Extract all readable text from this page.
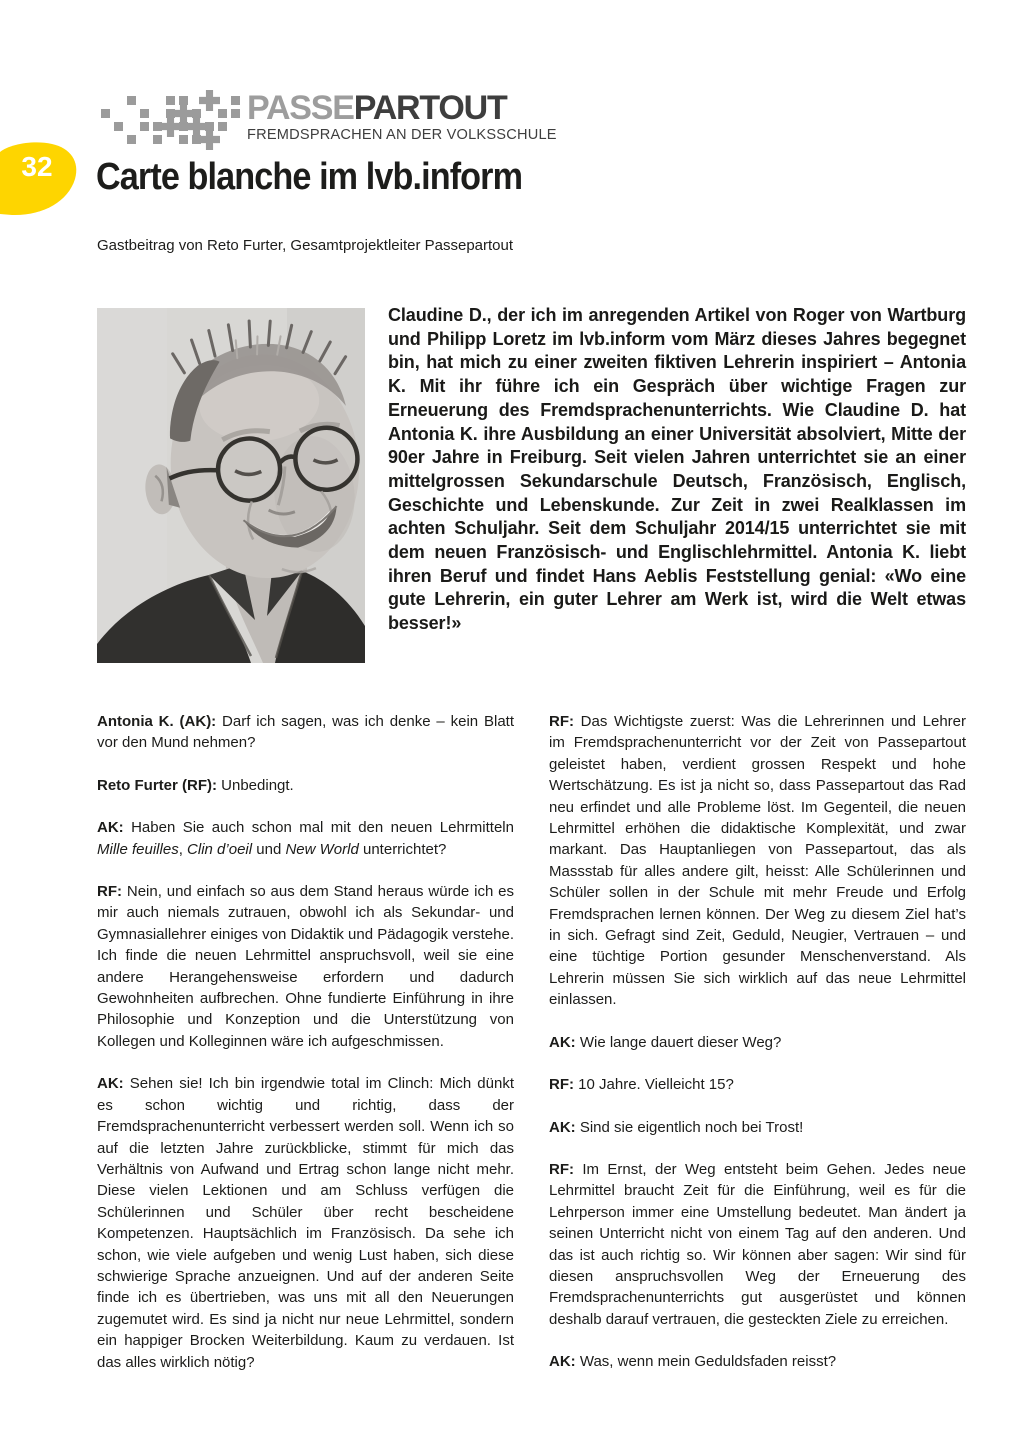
32
PASSEPARTOUT
FREMDSPRACHEN AN DER VOLKSSCHULE
Carte blanche im lvb.inform
Gastbeitrag von Reto Furter, Gesamtprojektleiter Passepartout
Claudine D., der ich im anregenden Artikel von Roger von Wartburg und Philipp Loretz im lvb.inform vom März dieses Jahres begegnet bin, hat mich zu einer zweiten fiktiven Lehrerin inspiriert – Antonia K. Mit ihr führe ich ein Gespräch über wichtige Fragen zur Erneuerung des Fremdsprachenunterrichts. Wie Claudine D. hat Antonia K. ihre Ausbildung an einer Universität absolviert, Mitte der 90er Jahre in Freiburg. Seit vielen Jahren unterrichtet sie an einer mittelgrossen Sekundarschule Deutsch, Französisch, Englisch, Geschichte und Lebenskunde. Zur Zeit in zwei Realklassen im achten Schuljahr. Seit dem Schuljahr 2014/15 unterrichtet sie mit dem neuen Französisch- und Englischlehrmittel. Antonia K. liebt ihren Beruf und findet Hans Aeblis Feststellung genial: «Wo eine gute Lehrerin, ein guter Lehrer am Werk ist, wird die Welt etwas besser!»

Antonia K. (AK): Darf ich sagen, was ich denke – kein Blatt vor den Mund nehmen?

Reto Furter (RF): Unbedingt.

AK: Haben Sie auch schon mal mit den neuen Lehrmitteln Mille feuilles, Clin d’oeil und New World unterrichtet?

RF: Nein, und einfach so aus dem Stand heraus würde ich es mir auch niemals zutrauen, obwohl ich als Sekundar- und Gymnasiallehrer einiges von Didaktik und Pädagogik verstehe. Ich finde die neuen Lehrmittel anspruchsvoll, weil sie eine andere Herangehensweise erfordern und dadurch Gewohnheiten aufbrechen. Ohne fundierte Einführung in ihre Philosophie und Konzeption und die Unterstützung von Kollegen und Kolleginnen wäre ich aufgeschmissen.

AK: Sehen sie! Ich bin irgendwie total im Clinch: Mich dünkt es schon wichtig und richtig, dass der Fremdsprachenunterricht verbessert werden soll. Wenn ich so auf die letzten Jahre zurückblicke, stimmt für mich das Verhältnis von Aufwand und Ertrag schon lange nicht mehr. Diese vielen Lektionen und am Schluss verfügen die Schülerinnen und Schüler über recht bescheidene Kompetenzen. Hauptsächlich im Französisch. Da sehe ich schon, wie viele aufgeben und wenig Lust haben, sich diese schwierige Sprache anzueignen. Und auf der anderen Seite finde ich es übertrieben, was uns mit all den Neuerungen zugemutet wird. Es sind ja nicht nur neue Lehrmittel, sondern ein happiger Brocken Weiterbildung. Kaum zu verdauen. Ist das alles wirklich nötig?

RF: Das Wichtigste zuerst: Was die Lehrerinnen und Lehrer im Fremdsprachenunterricht vor der Zeit von Passepartout geleistet haben, verdient grossen Respekt und hohe Wertschätzung. Es ist ja nicht so, dass Passepartout das Rad neu erfindet und alle Probleme löst. Im Gegenteil, die neuen Lehrmittel erhöhen die didaktische Komplexität, und zwar markant. Das Hauptanliegen von Passepartout, das als Massstab für alles andere gilt, heisst: Alle Schülerinnen und Schüler sollen in der Schule mit mehr Freude und Erfolg Fremdsprachen lernen können. Der Weg zu diesem Ziel hat’s in sich. Gefragt sind Zeit, Geduld, Neugier, Vertrauen – und eine tüchtige Portion gesunder Menschenverstand. Als Lehrerin müssen Sie sich wirklich auf das neue Lehrmittel einlassen.

AK: Wie lange dauert dieser Weg?

RF: 10 Jahre. Vielleicht 15?

AK: Sind sie eigentlich noch bei Trost!

RF: Im Ernst, der Weg entsteht beim Gehen. Jedes neue Lehrmittel braucht Zeit für die Einführung, weil es für die Lehrperson immer eine Umstellung bedeutet. Man ändert ja seinen Unterricht nicht von einem Tag auf den anderen. Und das ist auch richtig so. Wir können aber sagen: Wir sind für diesen anspruchsvollen Weg der Erneuerung des Fremdsprachenunterrichts gut ausgerüstet und können deshalb darauf vertrauen, die gesteckten Ziele zu erreichen.

AK: Was, wenn mein Geduldsfaden reisst?
